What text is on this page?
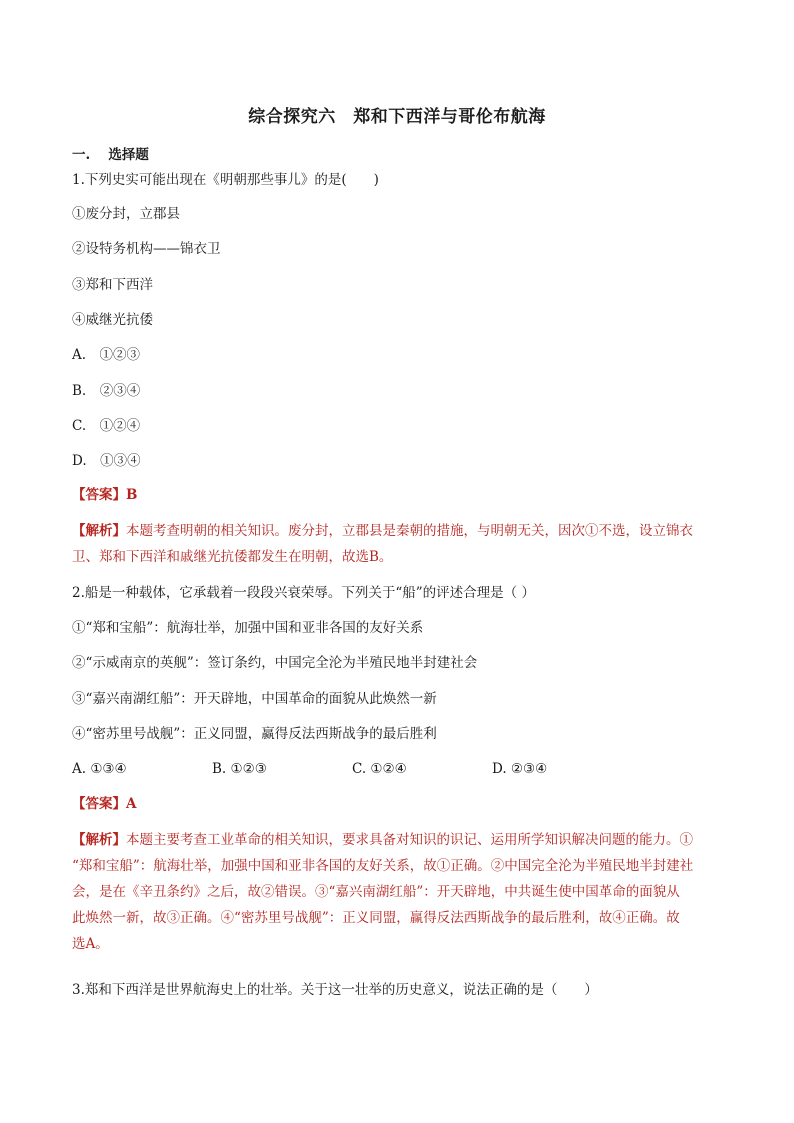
综合探究六　郑和下西洋与哥伦布航海
一.　 选择题
1.下列史实可能出现在《明朝那些事儿》的是(　　)
①废分封，立郡县
②设特务机构——锦衣卫
③郑和下西洋
④威继光抗倭
A.　①②③
B.　②③④
C.　①②④
D.　①③④
【答案】B
【解析】本题考查明朝的相关知识。废分封，立郡县是秦朝的措施，与明朝无关，因次①不选，设立锦衣
卫、郑和下西洋和戚继光抗倭都发生在明朝，故选B。
2.船是一种载体，它承载着一段段兴衰荣辱。下列关于“船”的评述合理是（ ）
①“郑和宝船”：航海壮举，加强中国和亚非各国的友好关系
②“示威南京的英舰”：签订条约，中国完全沦为半殖民地半封建社会
③“嘉兴南湖红船”：开天辟地，中国革命的面貌从此焕然一新
④“密苏里号战舰”：正义同盟，赢得反法西斯战争的最后胜利
A. ①③④	B. ①②③	C. ①②④	D. ②③④
【答案】A
【解析】本题主要考查工业革命的相关知识，要求具备对知识的识记、运用所学知识解决问题的能力。①
“郑和宝船”：航海壮举，加强中国和亚非各国的友好关系，故①正确。②中国完全沦为半殖民地半封建社
会，是在《辛丑条约》之后，故②错误。③“嘉兴南湖红船”：开天辟地，中共诞生使中国革命的面貌从
此焕然一新，故③正确。④“密苏里号战舰”：正义同盟，赢得反法西斯战争的最后胜利，故④正确。故
选A。
3.郑和下西洋是世界航海史上的壮举。关于这一壮举的历史意义，说法正确的是（　　）
